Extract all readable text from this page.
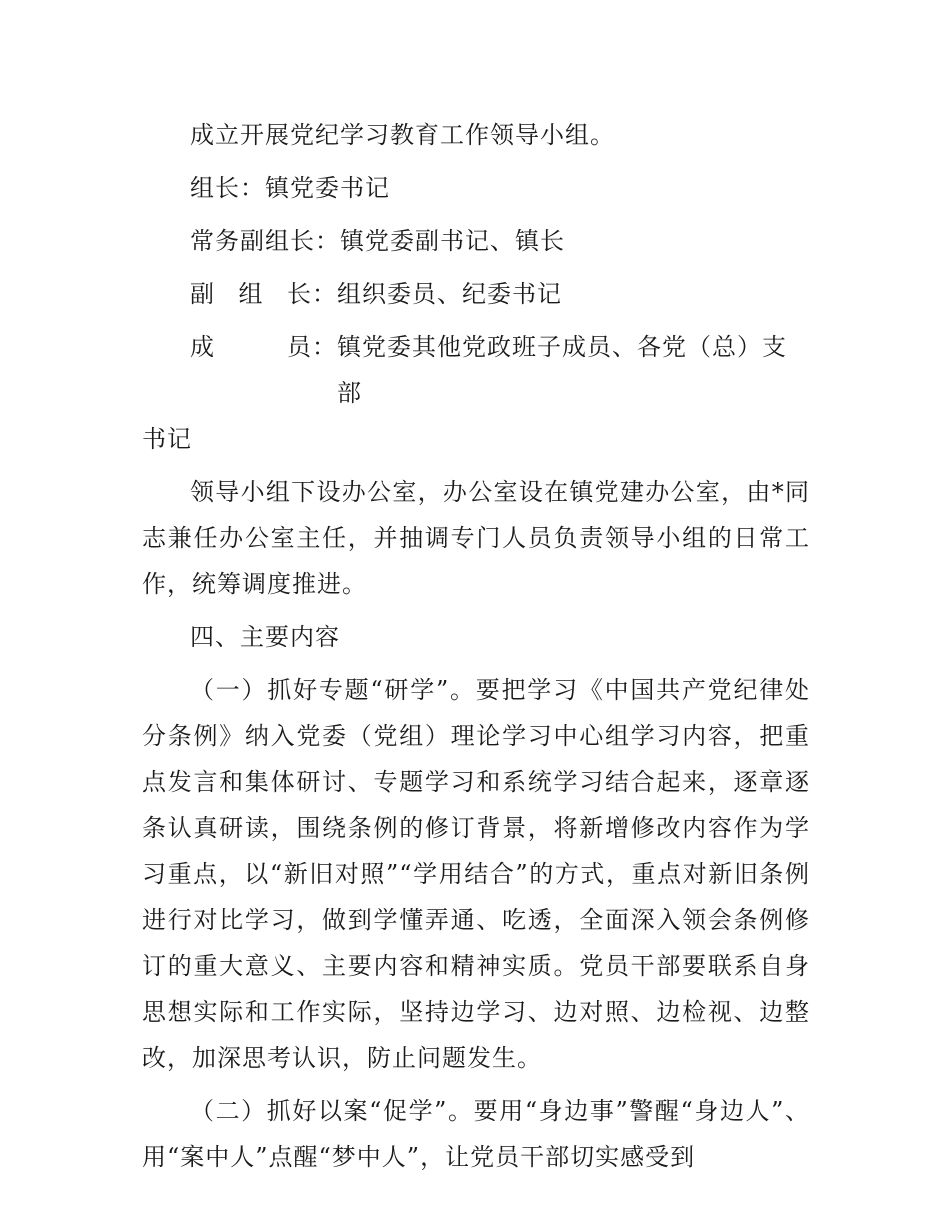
成立开展党纪学习教育工作领导小组。

组长：镇党委书记
常务副组长：镇党委副书记、镇长
副 组 长 ：组织委员、纪委书记
成	员 ： 镇党委其他党政班子成员、各党（总）支部
书记

领导小组下设办公室，办公室设在镇党建办公室，由*同志兼任办公室主任，并抽调专门人员负责领导小组的日常工作，统筹调度推进。

四、主要内容

（一）抓好专题“研学”。要把学习《中国共产党纪律处分条例》纳入党委（党组）理论学习中心组学习内容，把重点发言和集体研讨、专题学习和系统学习结合起来，逐章逐条认真研读，围绕条例的修订背景，将新增修改内容作为学习重点，以“新旧对照”“学用结合”的方式，重点对新旧条例进行对比学习，做到学懂弄通、吃透，全面深入领会条例修订的重大意义、主要内容和精神实质。党员干部要联系自身思想实际和工作实际，坚持边学习、边对照、边检视、边整改，加深思考认识，防止问题发生。

（二）抓好以案“促学”。要用“身边事”警醒“身边人”、用“案中人”点醒“梦中人”，让党员干部切实感受到
